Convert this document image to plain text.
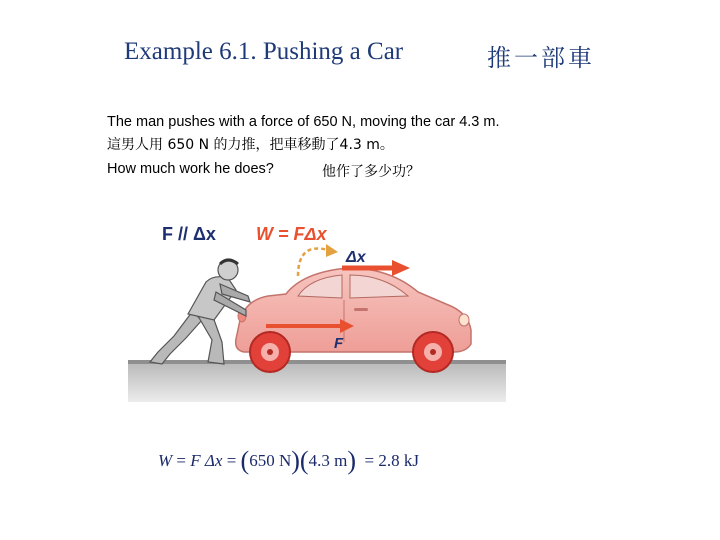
Example 6.1. Pushing a Car	推一部車
The man pushes with a force of 650 N, moving the car 4.3 m.
這男人用 650 N 的力推，把車移動了4.3 m。
How much work he does?	他作了多少功？
F // Δx W = FΔx
Δx
F
W = F Δx = (650 N)(4.3 m) = 2.8 kJ
